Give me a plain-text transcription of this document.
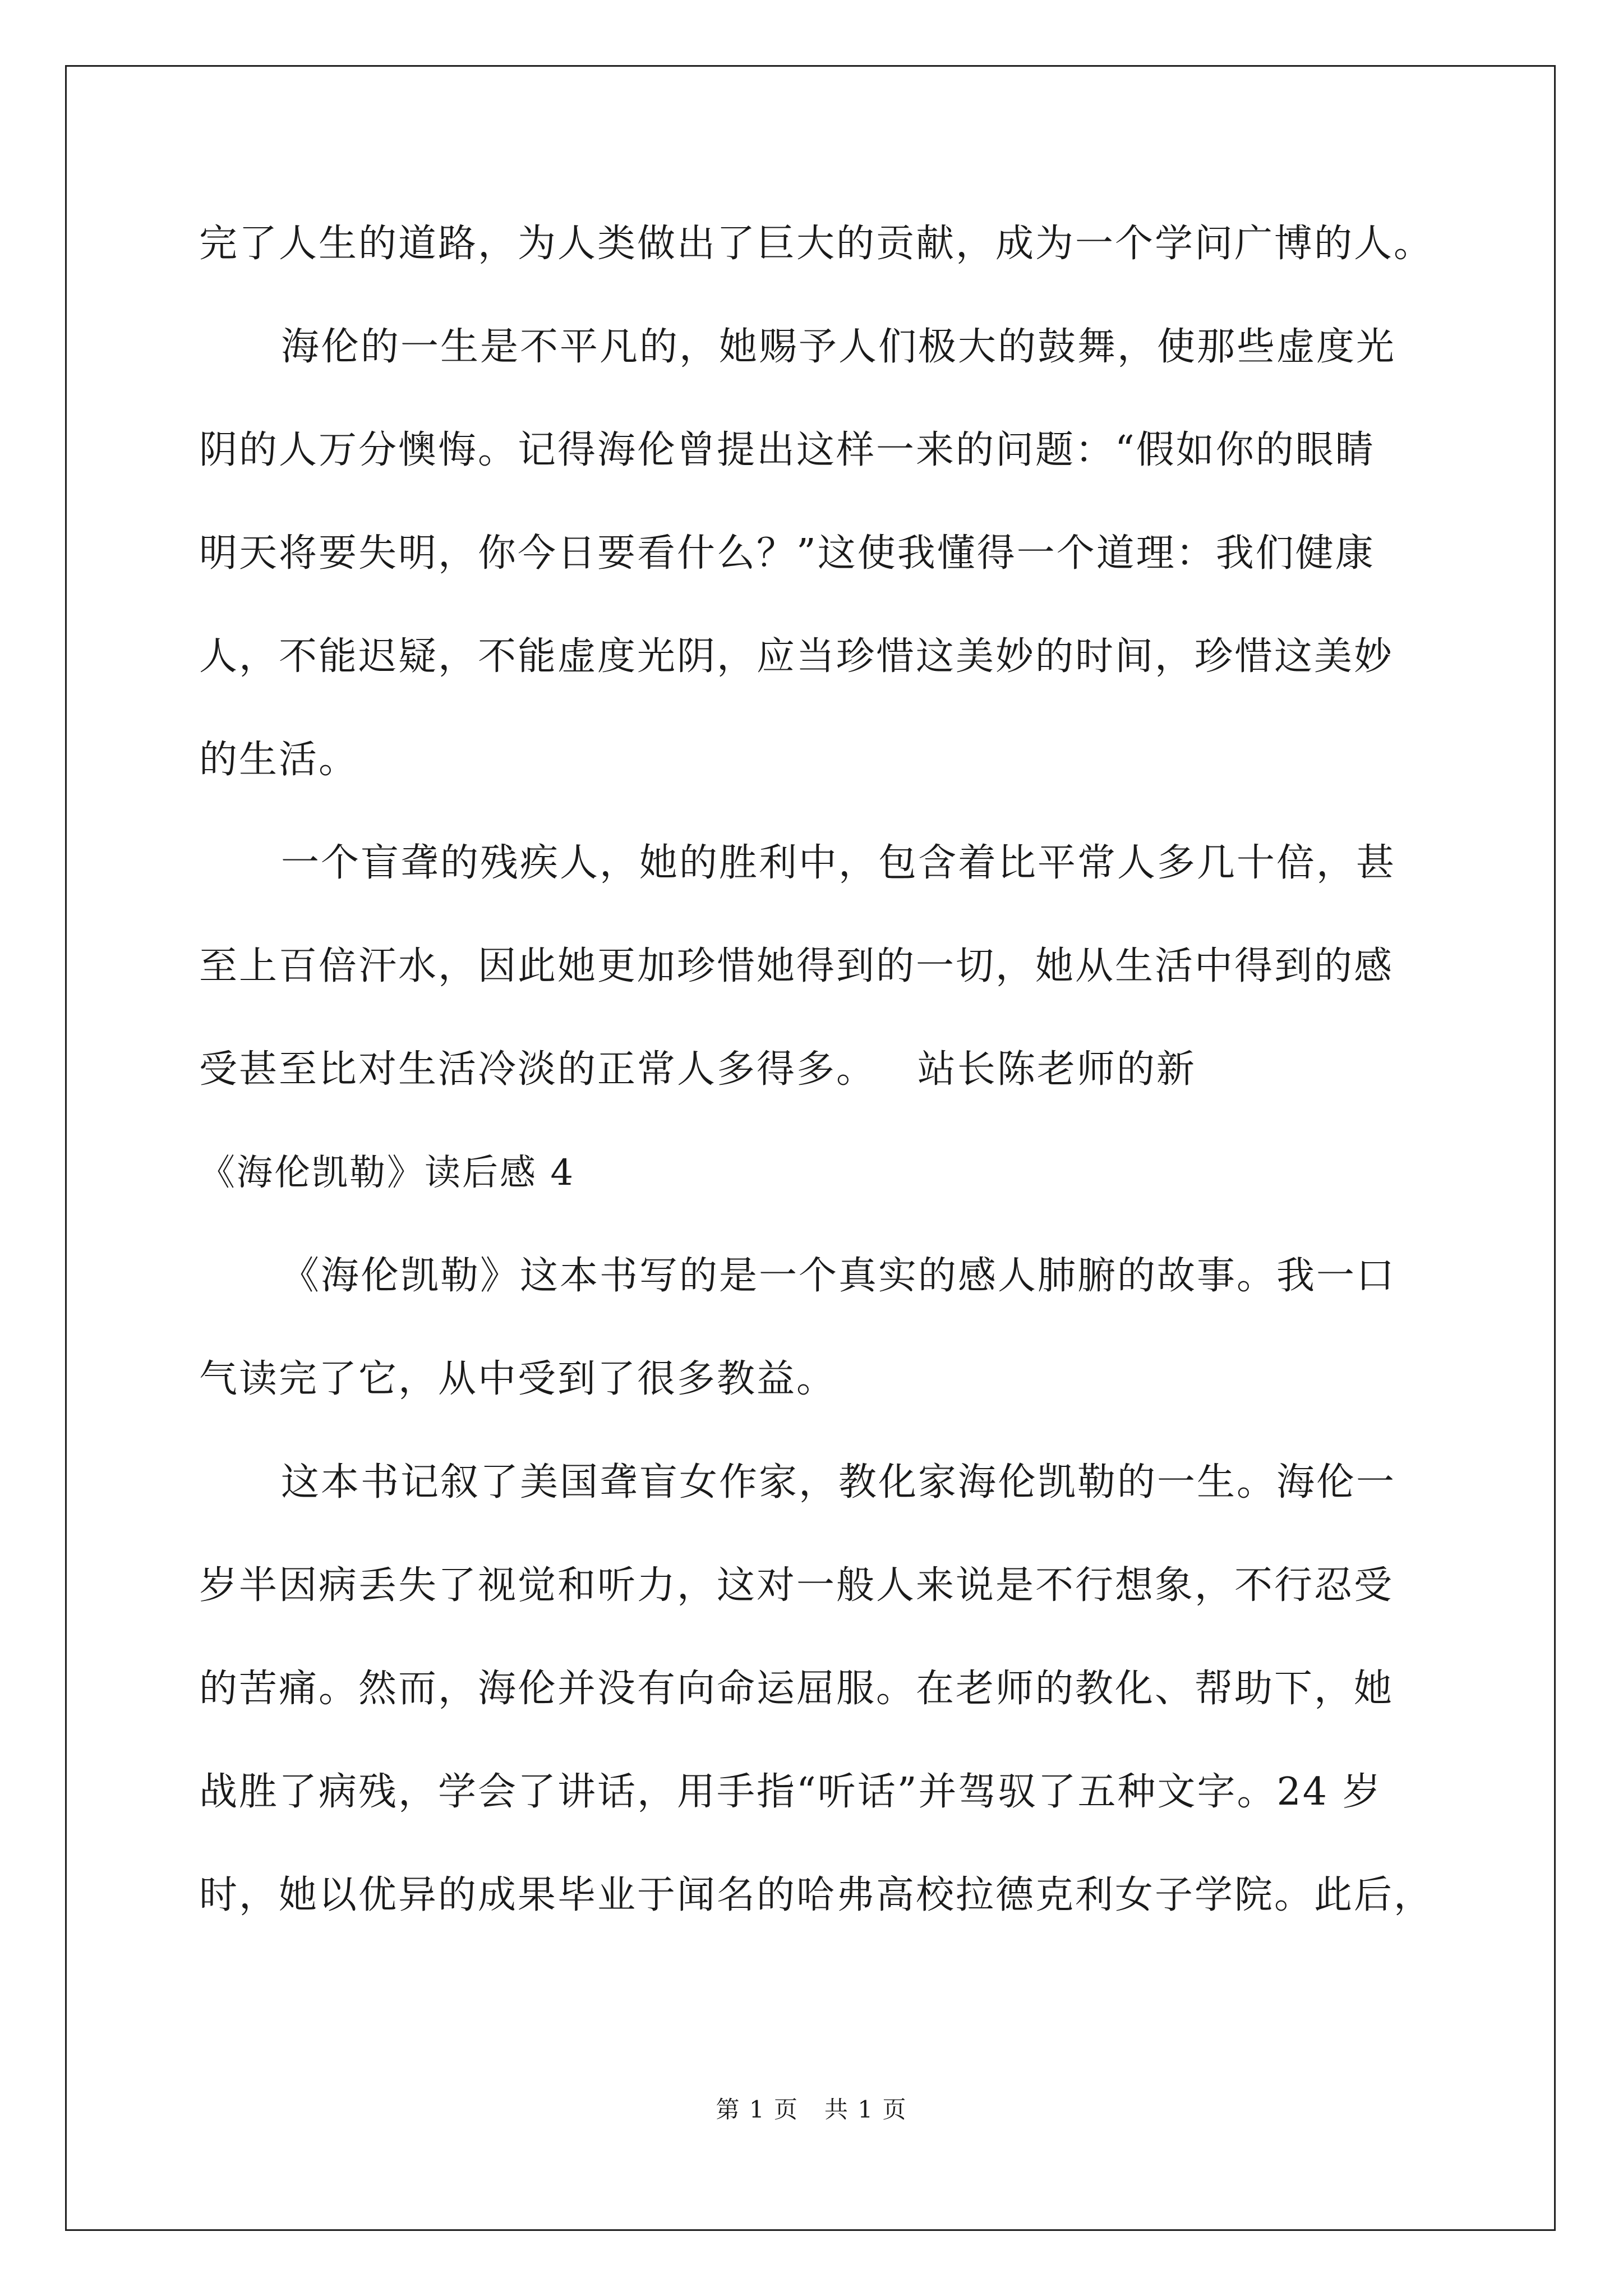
完了人生的道路，为人类做出了巨大的贡献，成为一个学问广博的人。
海伦的一生是不平凡的，她赐予人们极大的鼓舞，使那些虚度光
阴的人万分懊悔。记得海伦曾提出这样一来的问题：“假如你的眼睛
明天将要失明，你今日要看什么？”这使我懂得一个道理：我们健康
人，不能迟疑，不能虚度光阴，应当珍惜这美妙的时间，珍惜这美妙
的生活。
一个盲聋的残疾人，她的胜利中，包含着比平常人多几十倍，甚
至上百倍汗水，因此她更加珍惜她得到的一切，她从生活中得到的感
受甚至比对生活冷淡的正常人多得多。   站长陈老师的新
《海伦凯勒》读后感 4
《海伦凯勒》这本书写的是一个真实的感人肺腑的故事。我一口
气读完了它，从中受到了很多教益。
这本书记叙了美国聋盲女作家，教化家海伦凯勒的一生。海伦一
岁半因病丢失了视觉和听力，这对一般人来说是不行想象，不行忍受
的苦痛。然而，海伦并没有向命运屈服。在老师的教化、帮助下，她
战胜了病残，学会了讲话，用手指“听话”并驾驭了五种文字。24 岁
时，她以优异的成果毕业于闻名的哈弗高校拉德克利女子学院。此后，
第 1 页   共 1 页
